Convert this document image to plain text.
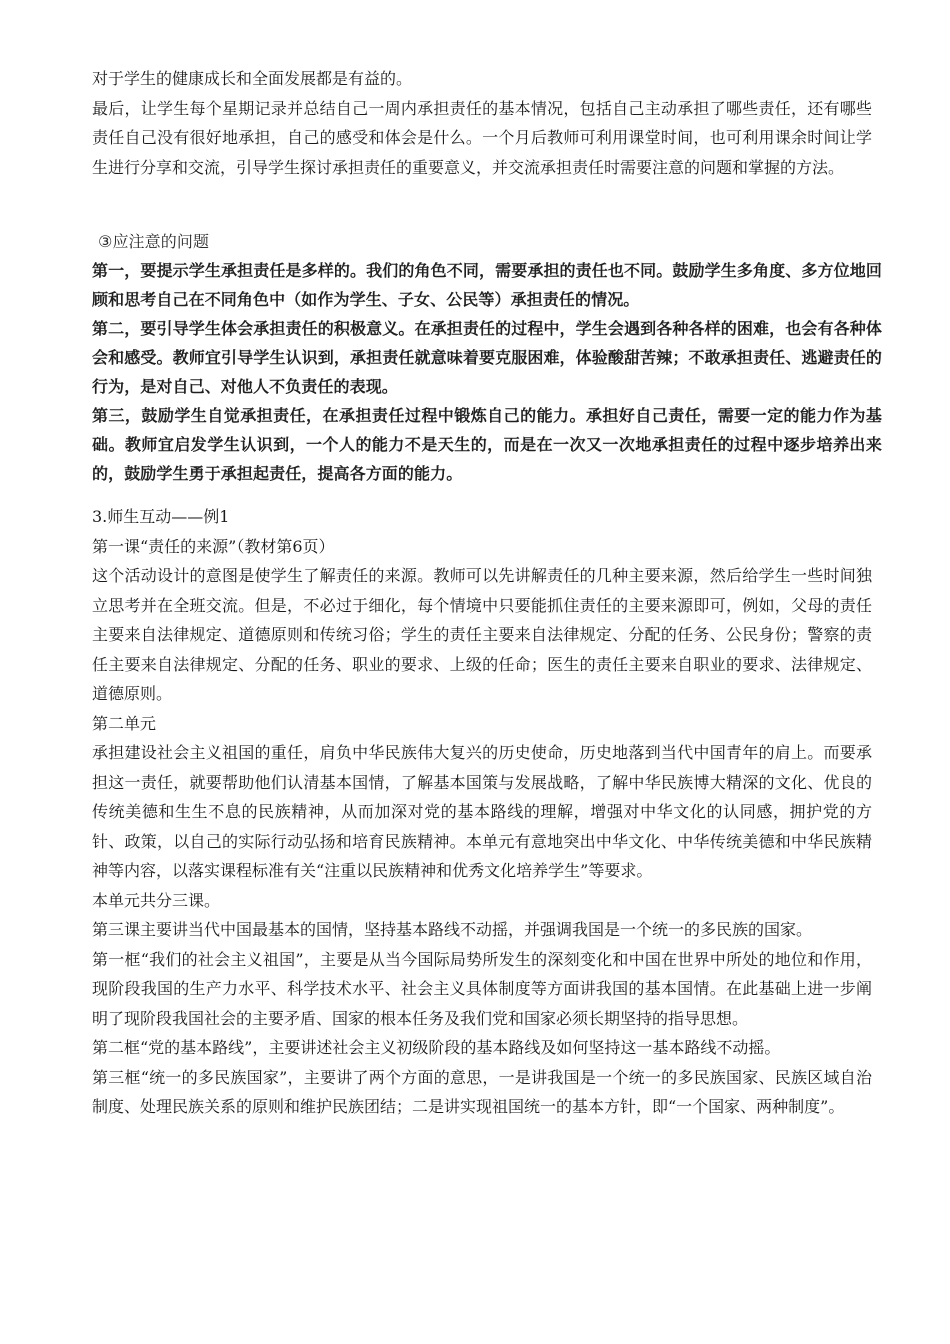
对于学生的健康成长和全面发展都是有益的。

最后，让学生每个星期记录并总结自己一周内承担责任的基本情况，包括自己主动承担了哪些责任，还有哪些责任自己没有很好地承担，自己的感受和体会是什么。一个月后教师可利用课堂时间，也可利用课余时间让学生进行分享和交流，引导学生探讨承担责任的重要意义，并交流承担责任时需要注意的问题和掌握的方法。

③应注意的问题

第一，要提示学生承担责任是多样的。我们的角色不同，需要承担的责任也不同。鼓励学生多角度、多方位地回顾和思考自己在不同角色中（如作为学生、子女、公民等）承担责任的情况。

第二，要引导学生体会承担责任的积极意义。在承担责任的过程中，学生会遇到各种各样的困难，也会有各种体会和感受。教师宜引导学生认识到，承担责任就意味着要克服困难，体验酸甜苦辣；不敢承担责任、逃避责任的行为，是对自己、对他人不负责任的表现。

第三，鼓励学生自觉承担责任，在承担责任过程中锻炼自己的能力。承担好自己责任，需要一定的能力作为基础。教师宜启发学生认识到，一个人的能力不是天生的，而是在一次又一次地承担责任的过程中逐步培养出来的，鼓励学生勇于承担起责任，提高各方面的能力。

3.师生互动——例1

第一课“责任的来源”（教材第6页）

这个活动设计的意图是使学生了解责任的来源。教师可以先讲解责任的几种主要来源，然后给学生一些时间独立思考并在全班交流。但是，不必过于细化，每个情境中只要能抓住责任的主要来源即可，例如，父母的责任主要来自法律规定、道德原则和传统习俗；学生的责任主要来自法律规定、分配的任务、公民身份；警察的责任主要来自法律规定、分配的任务、职业的要求、上级的任命；医生的责任主要来自职业的要求、法律规定、道德原则。

第二单元

承担建设社会主义祖国的重任，肩负中华民族伟大复兴的历史使命，历史地落到当代中国青年的肩上。而要承担这一责任，就要帮助他们认清基本国情，了解基本国策与发展战略，了解中华民族博大精深的文化、优良的传统美德和生生不息的民族精神，从而加深对党的基本路线的理解，增强对中华文化的认同感，拥护党的方针、政策，以自己的实际行动弘扬和培育民族精神。本单元有意地突出中华文化、中华传统美德和中华民族精神等内容，以落实课程标准有关“注重以民族精神和优秀文化培养学生”等要求。

本单元共分三课。

第三课主要讲当代中国最基本的国情，坚持基本路线不动摇，并强调我国是一个统一的多民族的国家。

第一框“我们的社会主义祖国”，主要是从当今国际局势所发生的深刻变化和中国在世界中所处的地位和作用，现阶段我国的生产力水平、科学技术水平、社会主义具体制度等方面讲我国的基本国情。在此基础上进一步阐明了现阶段我国社会的主要矛盾、国家的根本任务及我们党和国家必须长期坚持的指导思想。

第二框“党的基本路线”，主要讲述社会主义初级阶段的基本路线及如何坚持这一基本路线不动摇。

第三框“统一的多民族国家”，主要讲了两个方面的意思，一是讲我国是一个统一的多民族国家、民族区域自治制度、处理民族关系的原则和维护民族团结；二是讲实现祖国统一的基本方针，即“一个国家、两种制度”。
